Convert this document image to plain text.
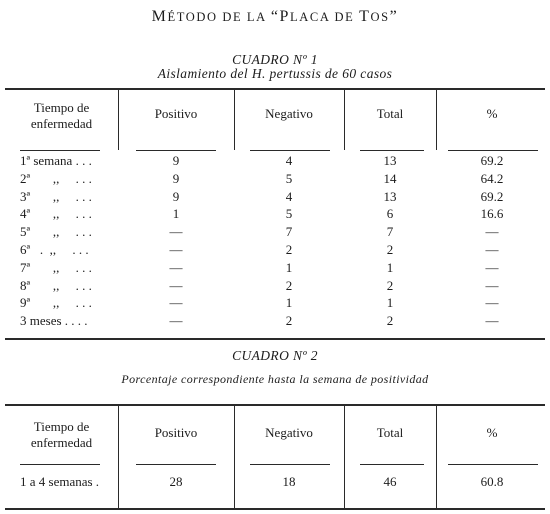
MÉTODO DE LA “PLACA DE TOS”
CUADRO Nº 1
Aislamiento del H. pertussis de 60 casos
Tiempo de
enfermedad
Positivo	Negativo	Total	%
1ª semana . . .	9	4	13	69.2
2ª       ,,     . . .	9	5	14	64.2
3ª       ,,     . . .	9	4	13	69.2
4ª       ,,     . . .	1	5	6	16.6
5ª       ,,     . . .	—	7	7	—
6ª   .  ,,     . . .	—	2	2	—
7ª       ,,     . . .	—	1	1	—
8ª       ,,     . . .	—	2	2	—
9ª       ,,     . . .	—	1	1	—
3 meses . . . .	—	2	2	—
CUADRO Nº 2
Porcentaje correspondiente hasta la semana de positividad
Tiempo de
enfermedad
Positivo	Negativo	Total	%
1 a 4 semanas .	28	18	46	60.8
